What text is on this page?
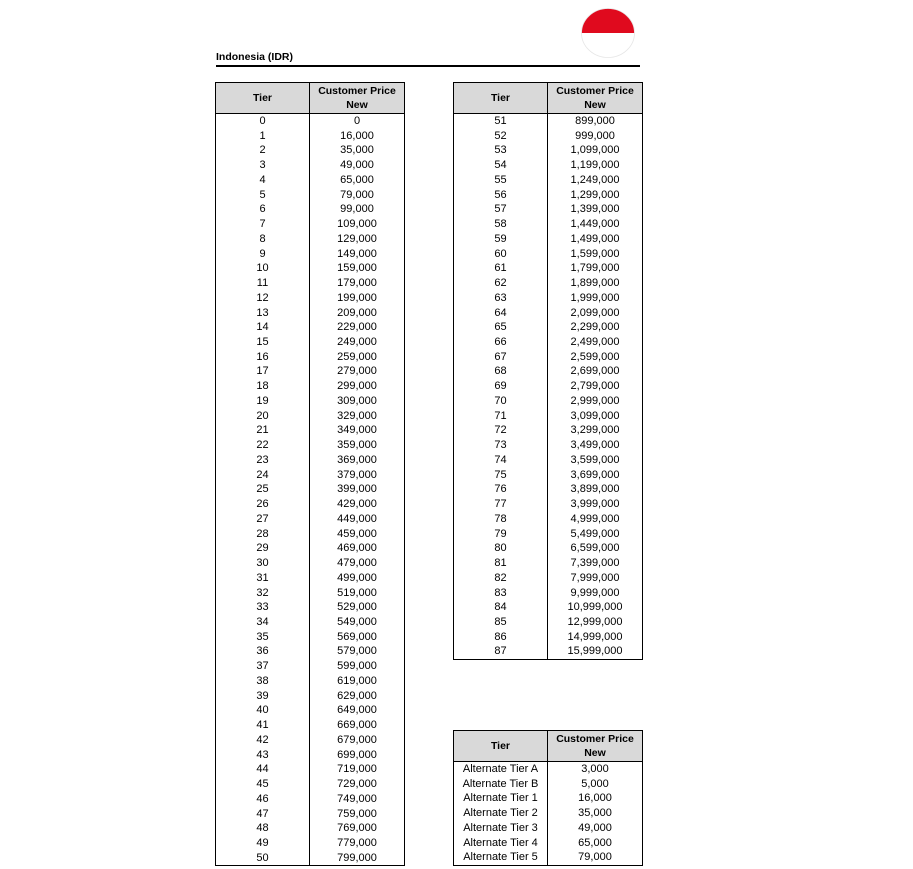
Indonesia (IDR)
Tier	Customer Price
New
0	0
1	16,000
2	35,000
3	49,000
4	65,000
5	79,000
6	99,000
7	109,000
8	129,000
9	149,000
10	159,000
11	179,000
12	199,000
13	209,000
14	229,000
15	249,000
16	259,000
17	279,000
18	299,000
19	309,000
20	329,000
21	349,000
22	359,000
23	369,000
24	379,000
25	399,000
26	429,000
27	449,000
28	459,000
29	469,000
30	479,000
31	499,000
32	519,000
33	529,000
34	549,000
35	569,000
36	579,000
37	599,000
38	619,000
39	629,000
40	649,000
41	669,000
42	679,000
43	699,000
44	719,000
45	729,000
46	749,000
47	759,000
48	769,000
49	779,000
50	799,000
Tier	Customer Price
New
51	899,000
52	999,000
53	1,099,000
54	1,199,000
55	1,249,000
56	1,299,000
57	1,399,000
58	1,449,000
59	1,499,000
60	1,599,000
61	1,799,000
62	1,899,000
63	1,999,000
64	2,099,000
65	2,299,000
66	2,499,000
67	2,599,000
68	2,699,000
69	2,799,000
70	2,999,000
71	3,099,000
72	3,299,000
73	3,499,000
74	3,599,000
75	3,699,000
76	3,899,000
77	3,999,000
78	4,999,000
79	5,499,000
80	6,599,000
81	7,399,000
82	7,999,000
83	9,999,000
84	10,999,000
85	12,999,000
86	14,999,000
87	15,999,000
Tier	Customer Price
New
Alternate Tier A	3,000
Alternate Tier B	5,000
Alternate Tier 1	16,000
Alternate Tier 2	35,000
Alternate Tier 3	49,000
Alternate Tier 4	65,000
Alternate Tier 5	79,000
